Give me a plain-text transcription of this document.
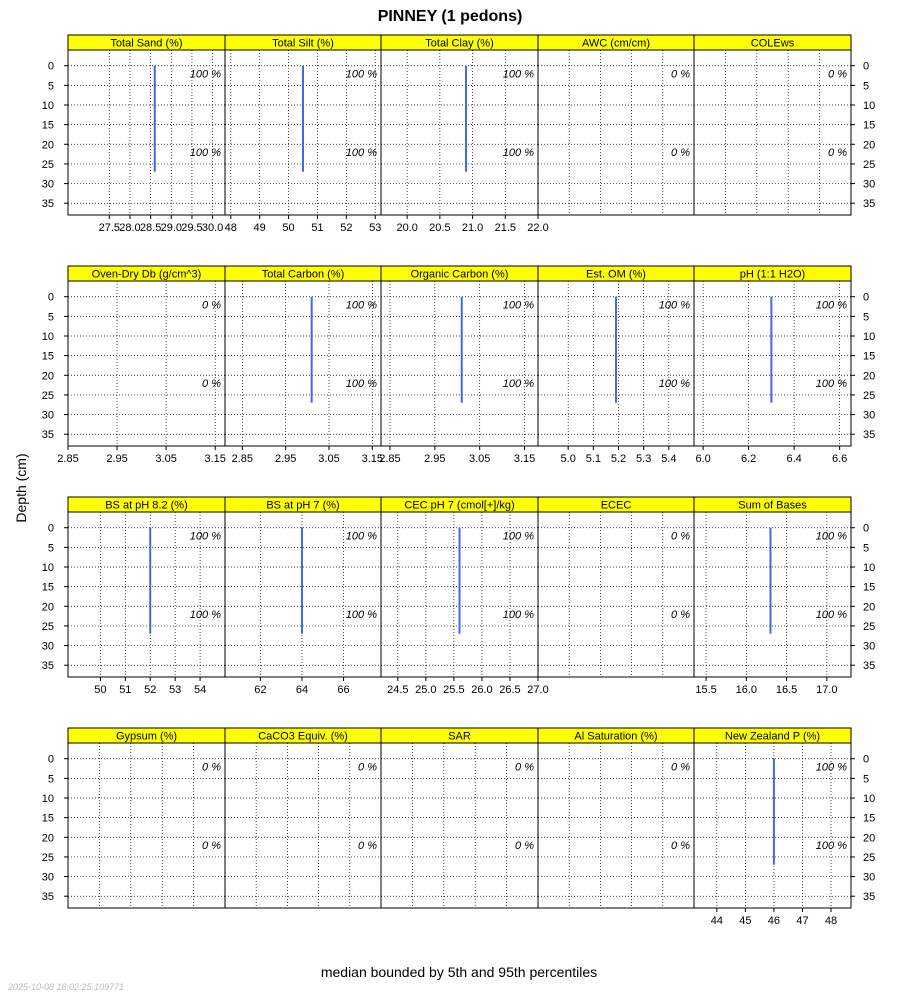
PINNEY (1 pedons)
Total Sand (%)
100 %
100 %
27.5 28.0 28.5 29.0 29.5 30.0
0
5
10
15
20
25
30
35
Total Silt (%)
100 %
100 %
48 49 50 51 52 53
Total Clay (%)
100 %
100 %
20.0 20.5 21.0 21.5 22.0
AWC (cm/cm)
0 %
0 %
COLEws
0 %
0 %
0
5
10
15
20
25
30
35
Oven-Dry Db (g/cm^3)
0 %
0 %
2.85	2.95	3.05	3.15
0
5
10
15
20
25
30
35
Total Carbon (%)
100 %
100 %
2.85 2.95 3.05 3.15
Organic Carbon (%)
100 %
100 %
2.85 2.95 3.05 3.15
Est. OM (%)
100 %
100 %
5.0 5.1 5.2 5.3 5.4
pH (1:1 H2O)
100 %
100 %
6.0	6.2	6.4	6.6
0
5
10
15
20
25
30
35
BS at pH 8.2 (%)
100 %
100 %
50 51 52 53 54
0
5
10
15
20
25
30
35
BS at pH 7 (%)
100 %
100 %
62	64	66
CEC pH 7 (cmol[+]/kg)
100 %
100 %
24.5 25.0 25.5 26.0 26.5 27.0
ECEC
0 %
0 %
Sum of Bases
100 %
100 %
15.5 16.0 16.5 17.0
0
5
10
15
20
25
30
35
Gypsum (%)
0 %
0 %
0
5
10
15
20
25
30
35
CaCO3 Equiv. (%)
0 %
0 %
SAR
0 %
0 %
Al Saturation (%)
0 %
0 %
New Zealand P (%)
100 %
100 %
44 45 46 47 48
0
5
10
15
20
25
30
35
Depth (cm)
median bounded by 5th and 95th percentiles
2025-10-08 18:02:25.109771
